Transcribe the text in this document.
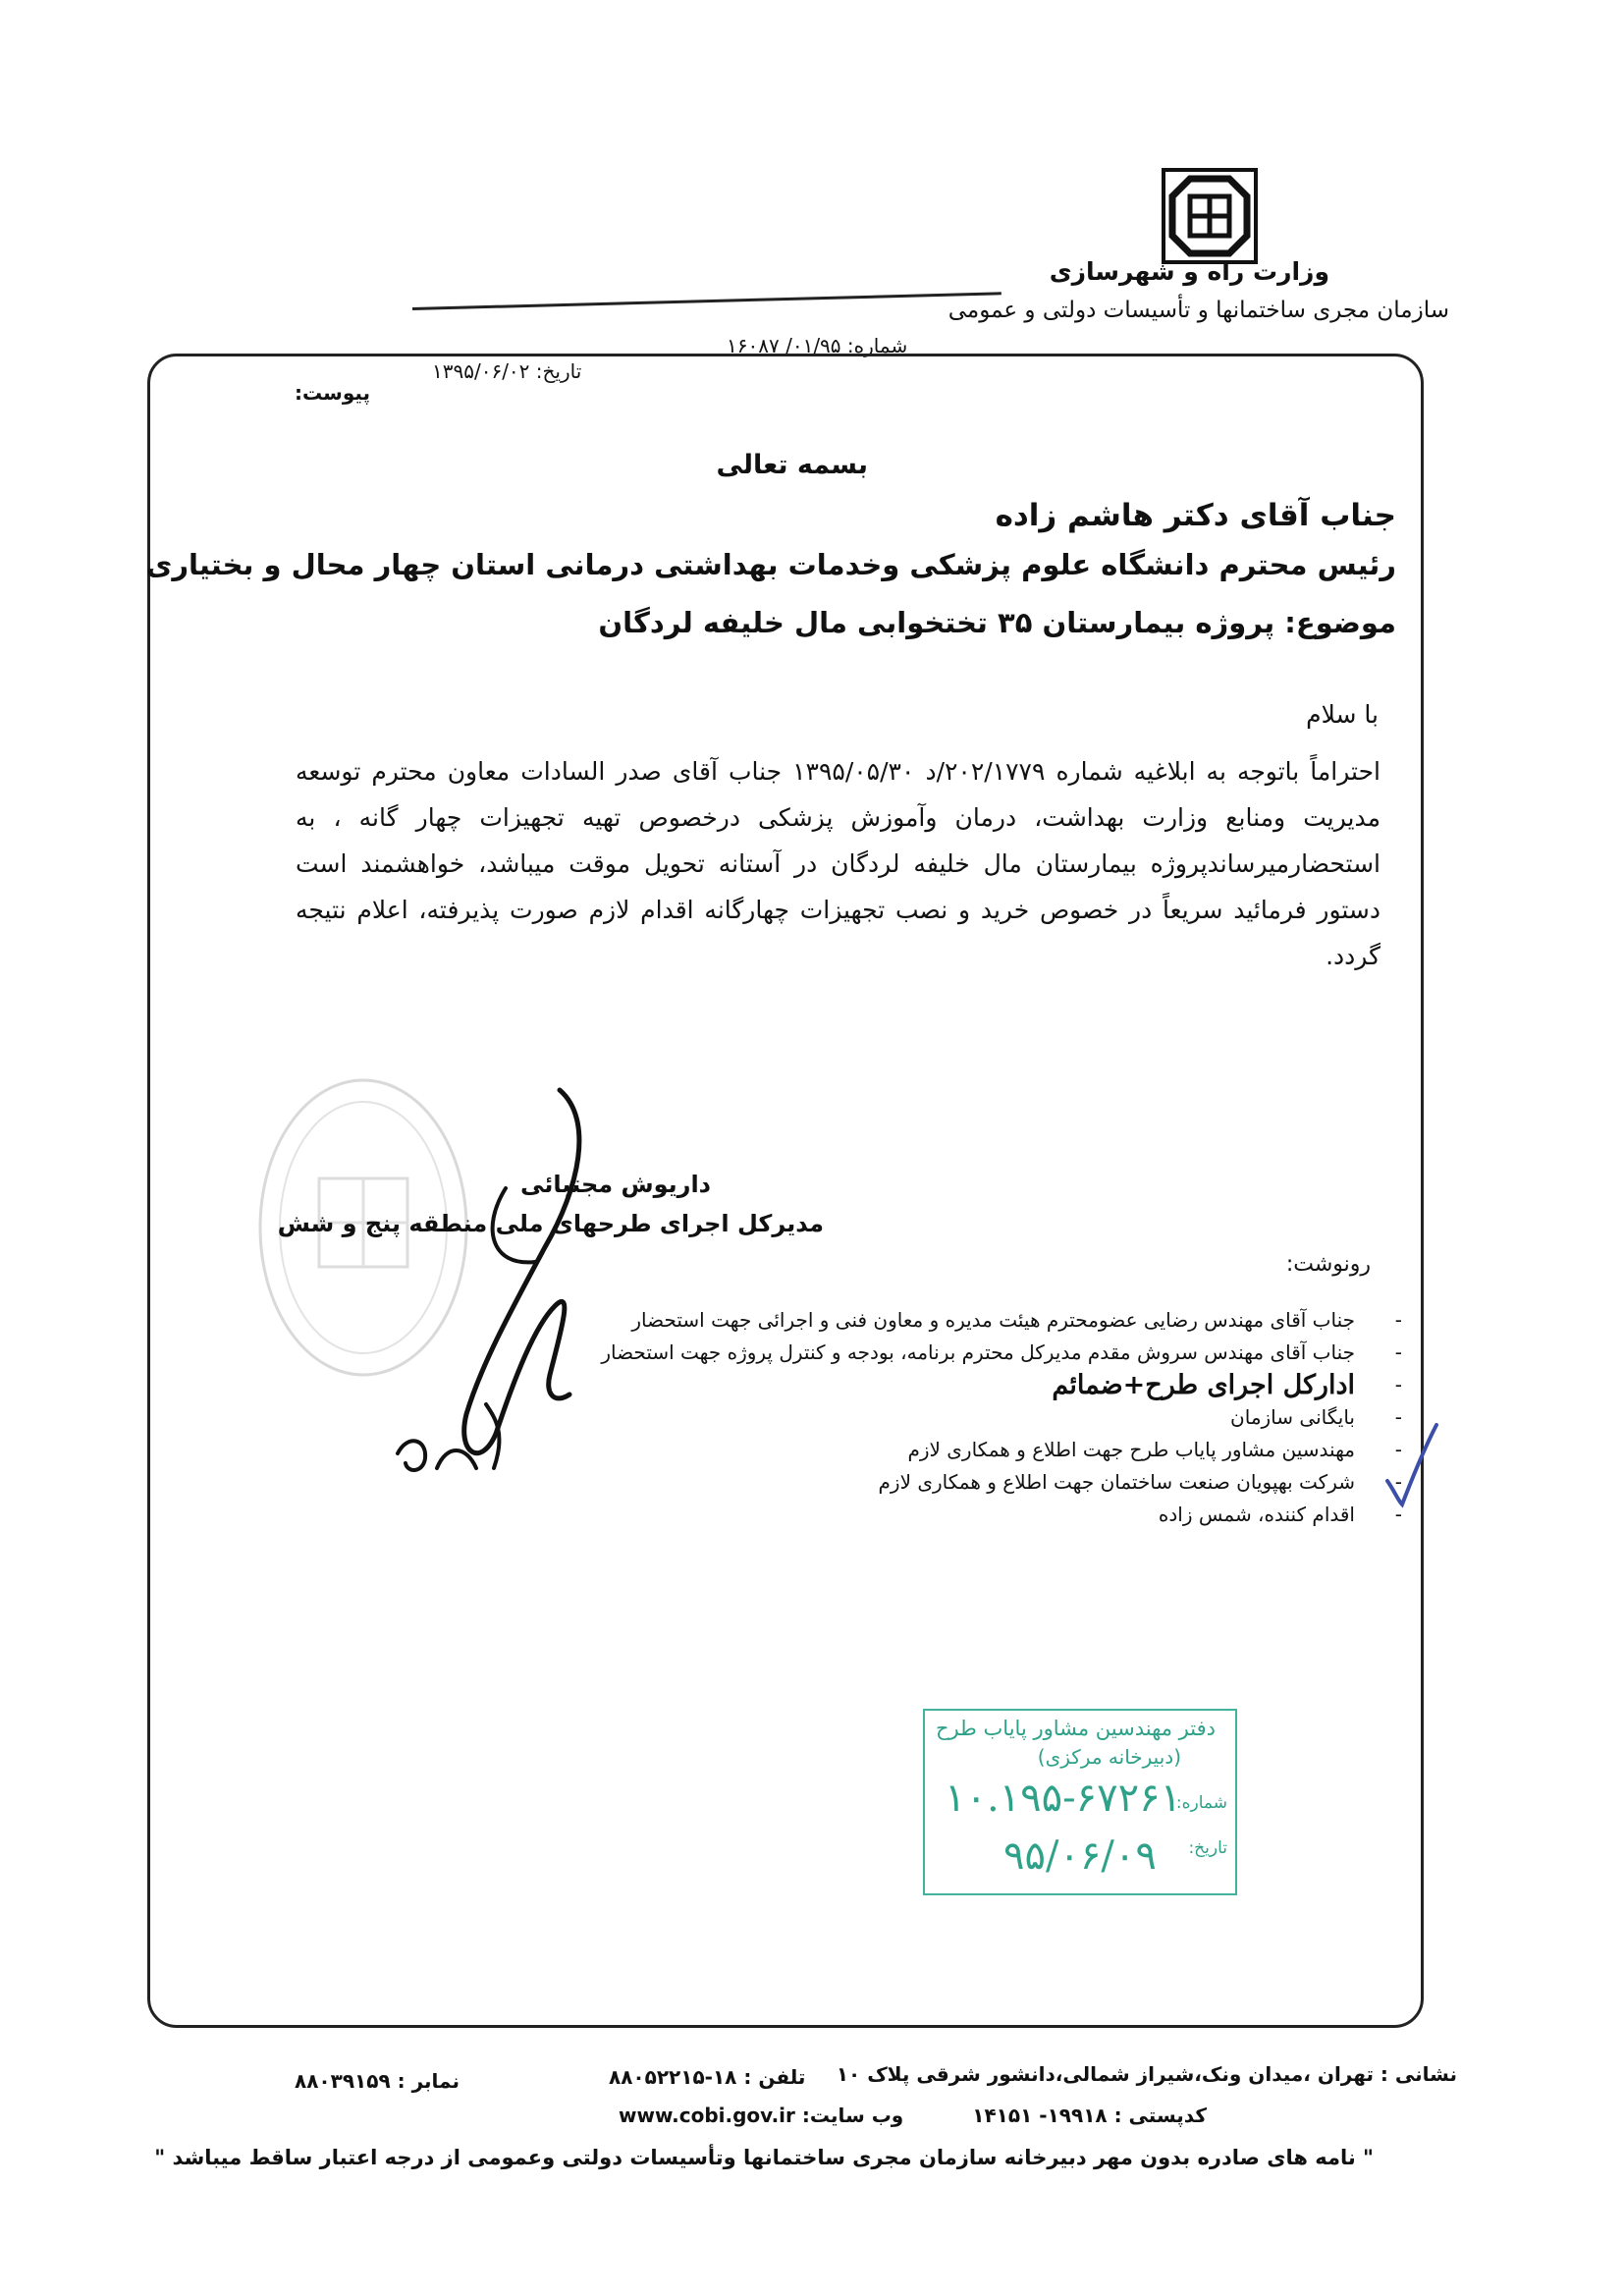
وزارت راه و شهرسازی
سازمان مجری ساختمانها و تأسیسات دولتی و عمومی
شماره: ۰۱/۹۵/ ۱۶۰۸۷
تاریخ: ۱۳۹۵/۰۶/۰۲
پیوست:
بسمه تعالی
جناب آقای دکتر هاشم زاده
رئیس محترم دانشگاه علوم پزشکی وخدمات بهداشتی درمانی استان چهار محال و بختیاری
موضوع: پروژه بیمارستان ۳۵ تختخوابی مال خلیفه لردگان
با سلام

احتراماً باتوجه به ابلاغیه شماره ۲۰۲/۱۷۷۹/د ۱۳۹۵/۰۵/۳۰ جناب آقای صدر السادات معاون محترم توسعه مدیریت ومنابع وزارت بهداشت، درمان وآموزش پزشکی درخصوص تهیه تجهیزات چهار گانه ، به استحضارمیرساندپروژه بیمارستان مال خلیفه لردگان در آستانه تحویل موقت میباشد، خواهشمند است دستور فرمائید سریعاً در خصوص خرید و نصب تجهیزات چهارگانه اقدام لازم صورت پذیرفته، اعلام نتیجه گردد.

داریوش مجتبائی
مدیرکل اجرای طرحهای ملی منطقه پنج و شش
رونوشت:
-
جناب آقای مهندس رضایی عضومحترم هیئت مدیره و معاون فنی و اجرائی جهت استحضار
-
جناب آقای مهندس سروش مقدم مدیرکل محترم برنامه، بودجه و کنترل پروژه جهت استحضار
-
ادارکل اجرای طرح+ضمائم
-
بایگانی سازمان
-
مهندسین مشاور پایاب طرح جهت اطلاع و همکاری لازم
-
شرکت بهپویان صنعت ساختمان جهت اطلاع و همکاری لازم
-
اقدام کننده، شمس زاده
دفتر مهندسین مشاور پایاب طرح
(دبیرخانه مرکزی)
شماره:
تاریخ:
۱۰.۱۹۵-۶۷۲۶۱
۹۵/۰۶/۰۹
نشانی : تهران ،میدان ونک،شیراز شمالی،دانشور شرقی پلاک ۱۰
تلفن : ۱۸-۸۸۰۵۲۲۱۵
نمابر : ۸۸۰۳۹۱۵۹
کدپستی : ۱۹۹۱۸- ۱۴۱۵۱
وب سایت: www.cobi.gov.ir
" نامه های صادره بدون مهر دبیرخانه سازمان مجری ساختمانها وتأسیسات دولتی وعمومی از درجه اعتبار ساقط میباشد "
